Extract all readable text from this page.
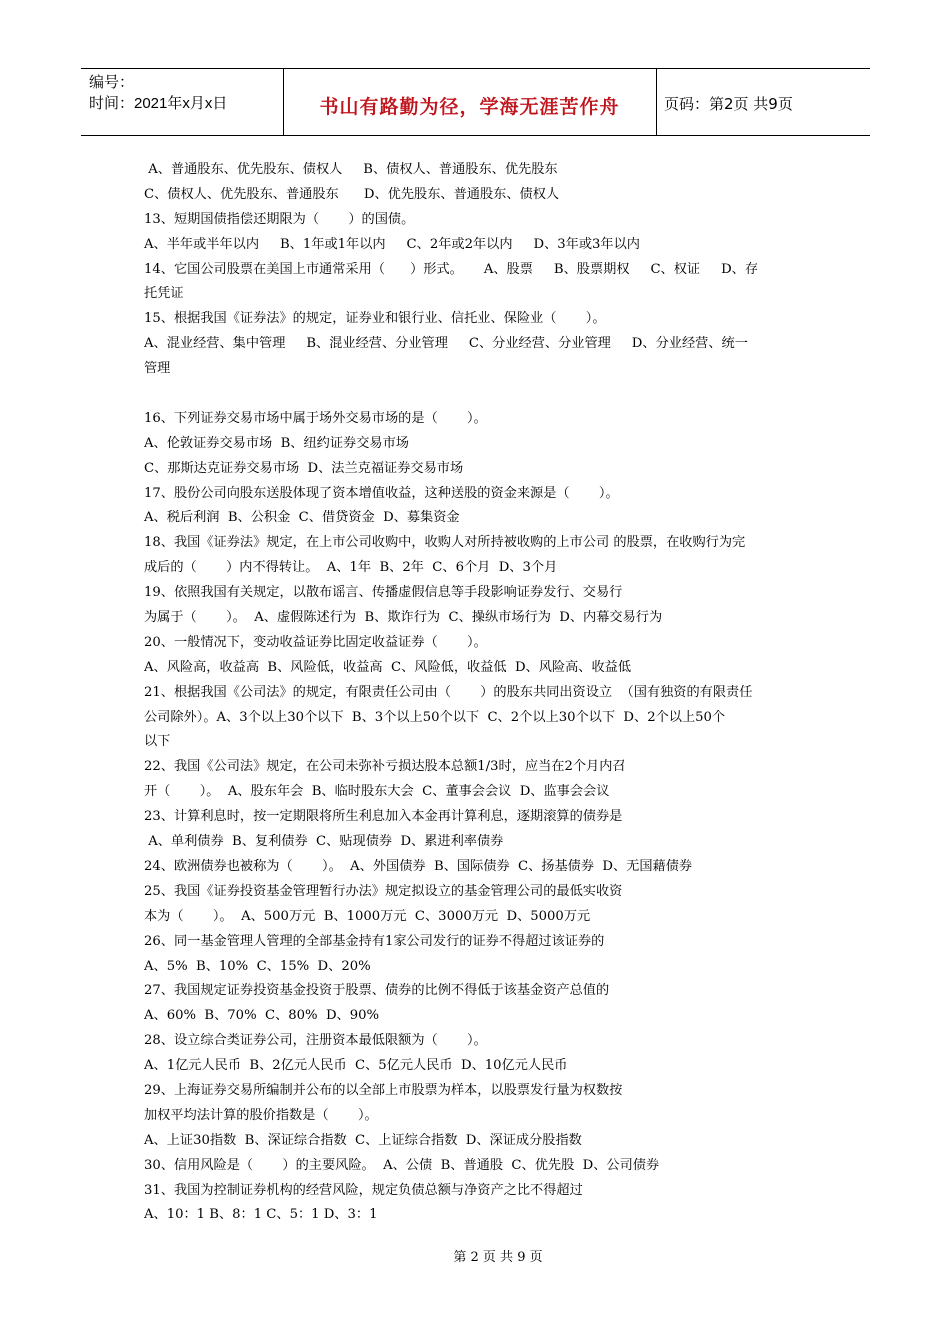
编号：
时间：2021年x月x日	书山有路勤为径，学海无涯苦作舟	页码：第2页 共9页
A、普通股东、优先股东、债权人     B、债权人、普通股东、优先股东
C、债权人、优先股东、普通股东      D、优先股东、普通股东、债权人
13、短期国债指偿还期限为（       ）的国债。
A、半年或半年以内     B、1年或1年以内     C、2年或2年以内     D、3年或3年以内
14、它国公司股票在美国上市通常采用（      ）形式。     A、股票     B、股票期权     C、权证     D、存
托凭证
15、根据我国《证券法》的规定，证券业和银行业、信托业、保险业（       ）。
A、混业经营、集中管理     B、混业经营、分业管理     C、分业经营、分业管理     D、分业经营、统一
管理
16、下列证券交易市场中属于场外交易市场的是（       ）。
A、伦敦证券交易市场  B、纽约证券交易市场
C、那斯达克证券交易市场  D、法兰克福证券交易市场
17、股份公司向股东送股体现了资本增值收益，这种送股的资金来源是（       ）。
A、税后利润  B、公积金  C、借贷资金  D、募集资金
18、我国《证券法》规定，在上市公司收购中，收购人对所持被收购的上市公司 的股票，在收购行为完
成后的（       ）内不得转让。  A、1年  B、2年  C、6个月  D、3个月
19、依照我国有关规定，以散布谣言、传播虚假信息等手段影响证券发行、交易行
为属于（       ）。  A、虚假陈述行为  B、欺诈行为  C、操纵市场行为  D、内幕交易行为
20、一般情况下，变动收益证券比固定收益证券（       ）。
A、风险高，收益高  B、风险低，收益高  C、风险低，收益低  D、风险高、收益低
21、根据我国《公司法》的规定，有限责任公司由（       ）的股东共同出资设立  （国有独资的有限责任
公司除外）。A、3个以上30个以下  B、3个以上50个以下  C、2个以上30个以下  D、2个以上50个
以下
22、我国《公司法》规定，在公司未弥补亏损达股本总额1/3时，应当在2个月内召
开（       ）。  A、股东年会  B、临时股东大会  C、董事会会议  D、监事会会议
23、计算利息时，按一定期限将所生利息加入本金再计算利息，逐期滚算的债券是
A、单利债券  B、复利债券  C、贴现债券  D、累进利率债券
24、欧洲债券也被称为（       ）。  A、外国债券  B、国际债券  C、扬基债券  D、无国藉债券
25、我国《证券投资基金管理暂行办法》规定拟设立的基金管理公司的最低实收资
本为（       ）。  A、500万元  B、1000万元  C、3000万元  D、5000万元
26、同一基金管理人管理的全部基金持有1家公司发行的证券不得超过该证券的
A、5%  B、10%  C、15%  D、20%
27、我国规定证券投资基金投资于股票、债券的比例不得低于该基金资产总值的
A、60%  B、70%  C、80%  D、90%
28、设立综合类证券公司，注册资本最低限额为（       ）。
A、1亿元人民币  B、2亿元人民币  C、5亿元人民币  D、10亿元人民币
29、上海证券交易所编制并公布的以全部上市股票为样本，以股票发行量为权数按
加权平均法计算的股价指数是（       ）。
A、上证30指数  B、深证综合指数  C、上证综合指数  D、深证成分股指数
30、信用风险是（       ）的主要风险。  A、公债  B、普通股  C、优先股  D、公司债券
31、我国为控制证券机构的经营风险，规定负债总额与净资产之比不得超过
A、10：1 B、8：1 C、5：1 D、3：1
第 2 页 共 9 页
